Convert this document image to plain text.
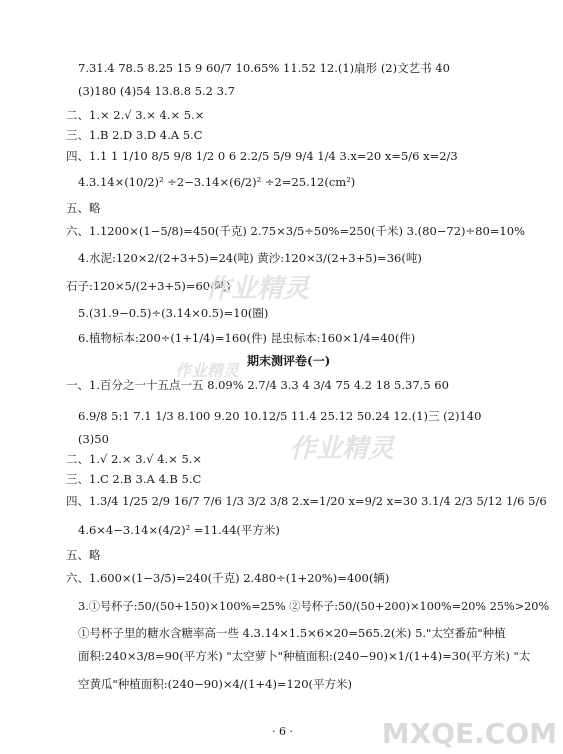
7.31.4 78.5 8.25 15 9 60/7 10.65% 11.52 12.(1)扇形 (2)文艺书 40
(3)180 (4)54 13.8.8 5.2 3.7
二、1.× 2.√ 3.× 4.× 5.×
三、1.B 2.D 3.D 4.A 5.C
四、1.1 1 1/10 8/5 9/8 1/2 0 6 2.2/5 5/9 9/4 1/4 3.x=20 x=5/6 x=2/3
4.3.14×(10/2)² ÷2−3.14×(6/2)² ÷2=25.12(cm²)
五、略
六、1.1200×(1−5/8)=450(千克) 2.75×3/5÷50%=250(千米) 3.(80−72)÷80=10%
4.水泥:120×2/(2+3+5)=24(吨) 黄沙:120×3/(2+3+5)=36(吨)
石子:120×5/(2+3+5)=60(吨)
5.(31.9−0.5)÷(3.14×0.5)=10(圈)
6.植物标本:200÷(1+1/4)=160(件) 昆虫标本:160×1/4=40(件)
期末测评卷(一)
一、1.百分之一十五点一五 8.09% 2.7/4 3.3 4 3/4 75 4.2 18 5.37.5 60
6.9/8 5:1 7.1 1/3 8.100 9.20 10.12/5 11.4 25.12 50.24 12.(1)三 (2)140
(3)50
二、1.√ 2.× 3.√ 4.× 5.×
三、1.C 2.B 3.A 4.B 5.C
四、1.3/4 1/25 2/9 16/7 7/6 1/3 3/2 3/8 2.x=1/20 x=9/2 x=30 3.1/4 2/3 5/12 1/6 5/6
4.6×4−3.14×(4/2)² =11.44(平方米)
五、略
六、1.600×(1−3/5)=240(千克) 2.480÷(1+20%)=400(辆)
3.①号杯子:50/(50+150)×100%=25% ②号杯子:50/(50+200)×100%=20% 25%>20%
①号杯子里的糖水含糖率高一些 4.3.14×1.5×6×20=565.2(米) 5."太空番茄"种植
面积:240×3/8=90(平方米) "太空萝卜"种植面积:(240−90)×1/(1+4)=30(平方米) "太
空黄瓜"种植面积:(240−90)×4/(1+4)=120(平方米)
· 6 ·
作业精灵
作业精灵
作业精灵
MXQE.COM
